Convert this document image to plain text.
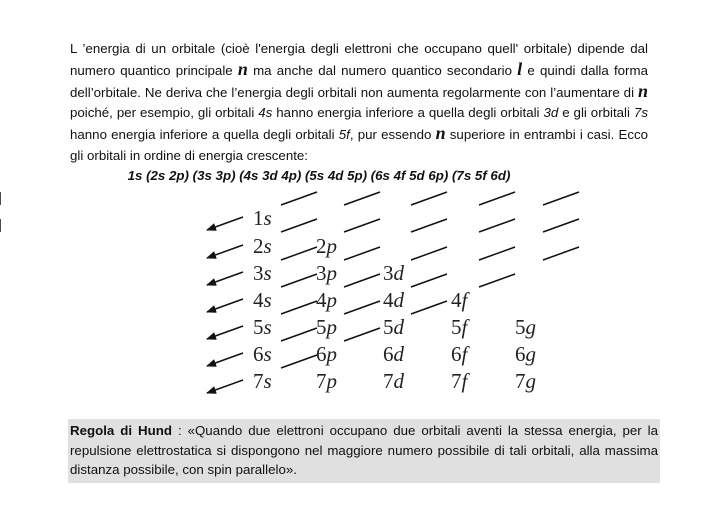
L ’energia di un orbitale (cioè l'energia degli elettroni che occupano quell' orbitale) dipende dal numero quantico principale n ma anche dal numero quantico secondario l e quindi dalla forma dell’orbitale. Ne deriva che l’energia degli orbitali non aumenta regolarmente con l’aumentare di n poiché, per esempio, gli orbitali 4s hanno energia inferiore a quella degli orbitali 3d e gli orbitali 7s hanno energia inferiore a quella degli orbitali 5f, pur essendo n superiore in entrambi i casi. Ecco gli orbitali in ordine di energia crescente:

1s (2s 2p) (3s 3p) (4s 3d 4p) (5s 4d 5p) (6s 4f 5d 6p) (7s 5f 6d)
1s
2s 2p
3s 3p 3d
4s 4p 4d 4f
5s 5p 5d 5f 5g
6s 6p 6d 6f 6g
7s 7p 7d 7f 7g

Regola di Hund : «Quando due elettroni occupano due orbitali aventi la stessa energia, per la repulsione elettrostatica si dispongono nel maggiore numero possibile di tali orbitali, alla massima distanza possibile, con spin parallelo».
